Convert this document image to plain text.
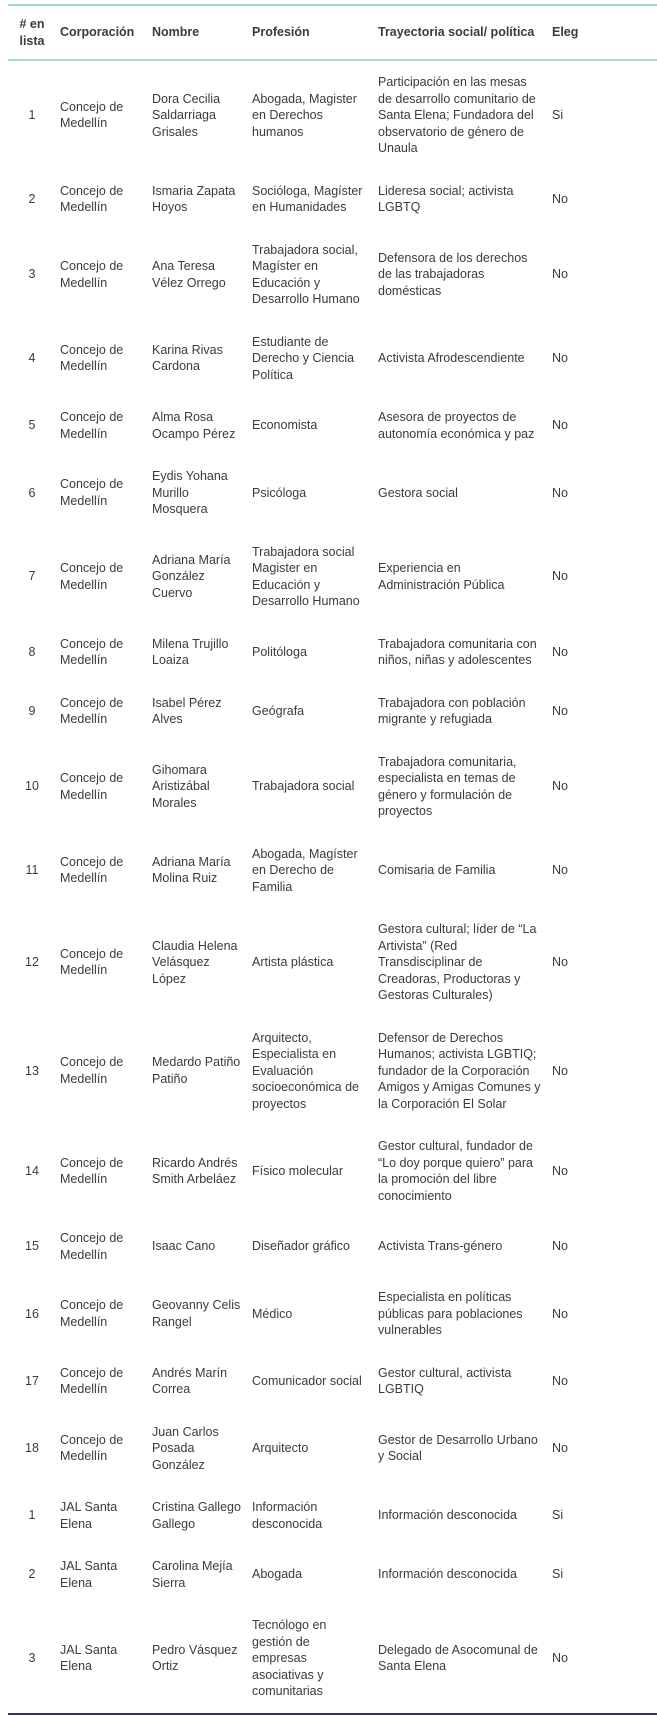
# en lista	Corporación	Nombre	Profesión	Trayectoria social/ política	Eleg
1	Concejo de Medellín	Dora Cecilia Saldarriaga Grisales	Abogada, Magister en Derechos humanos	Participación en las mesas de desarrollo comunitario de Santa Elena; Fundadora del observatorio de género de Unaula	Si
2	Concejo de Medellín	Ismaria Zapata Hoyos	Socióloga, Magíster en Humanidades	Lideresa social; activista LGBTQ	No
3	Concejo de Medellín	Ana Teresa Vélez Orrego	Trabajadora social, Magíster en Educación y Desarrollo Humano	Defensora de los derechos de las trabajadoras domésticas	No
4	Concejo de Medellín	Karina Rivas Cardona	Estudiante de Derecho y Ciencia Política	Activista Afrodescendiente	No
5	Concejo de Medellín	Alma Rosa Ocampo Pérez	Economista	Asesora de proyectos de autonomía económica y paz	No
6	Concejo de Medellín	Eydis Yohana Murillo Mosquera	Psicóloga	Gestora social	No
7	Concejo de Medellín	Adriana María González Cuervo	Trabajadora social Magister en Educación y Desarrollo Humano	Experiencia en Administración Pública	No
8	Concejo de Medellín	Milena Trujillo Loaiza	Politóloga	Trabajadora comunitaria con niños, niñas y adolescentes	No
9	Concejo de Medellín	Isabel Pérez Alves	Geógrafa	Trabajadora con población migrante y refugiada	No
10	Concejo de Medellín	Gihomara Aristizábal Morales	Trabajadora social	Trabajadora comunitaria, especialista en temas de género y formulación de proyectos	No
11	Concejo de Medellín	Adriana María Molina Ruiz	Abogada, Magíster en Derecho de Familia	Comisaria de Familia	No
12	Concejo de Medellín	Claudia Helena Velásquez López	Artista plástica	Gestora cultural; líder de “La Artivista” (Red Transdisciplinar de Creadoras, Productoras y Gestoras Culturales)	No
13	Concejo de Medellín	Medardo Patiño Patiño	Arquitecto, Especialista en Evaluación socioeconómica de proyectos	Defensor de Derechos Humanos; activista LGBTIQ; fundador de la Corporación Amigos y Amigas Comunes y la Corporación El Solar	No
14	Concejo de Medellín	Ricardo Andrés Smith Arbeláez	Físico molecular	Gestor cultural, fundador de “Lo doy porque quiero” para la promoción del libre conocimiento	No
15	Concejo de Medellín	Isaac Cano	Diseñador gráfico	Activista Trans-género	No
16	Concejo de Medellín	Geovanny Celis Rangel	Médico	Especialista en políticas públicas para poblaciones vulnerables	No
17	Concejo de Medellín	Andrés Marín Correa	Comunicador social	Gestor cultural, activista LGBTIQ	No
18	Concejo de Medellín	Juan Carlos Posada González	Arquitecto	Gestor de Desarrollo Urbano y Social	No
1	JAL Santa Elena	Cristina Gallego Gallego	Información desconocida	Información desconocida	Si
2	JAL Santa Elena	Carolina Mejía Sierra	Abogada	Información desconocida	Si
3	JAL Santa Elena	Pedro Vásquez Ortiz	Tecnólogo en gestión de empresas asociativas y comunitarias	Delegado de Asocomunal de Santa Elena	No
